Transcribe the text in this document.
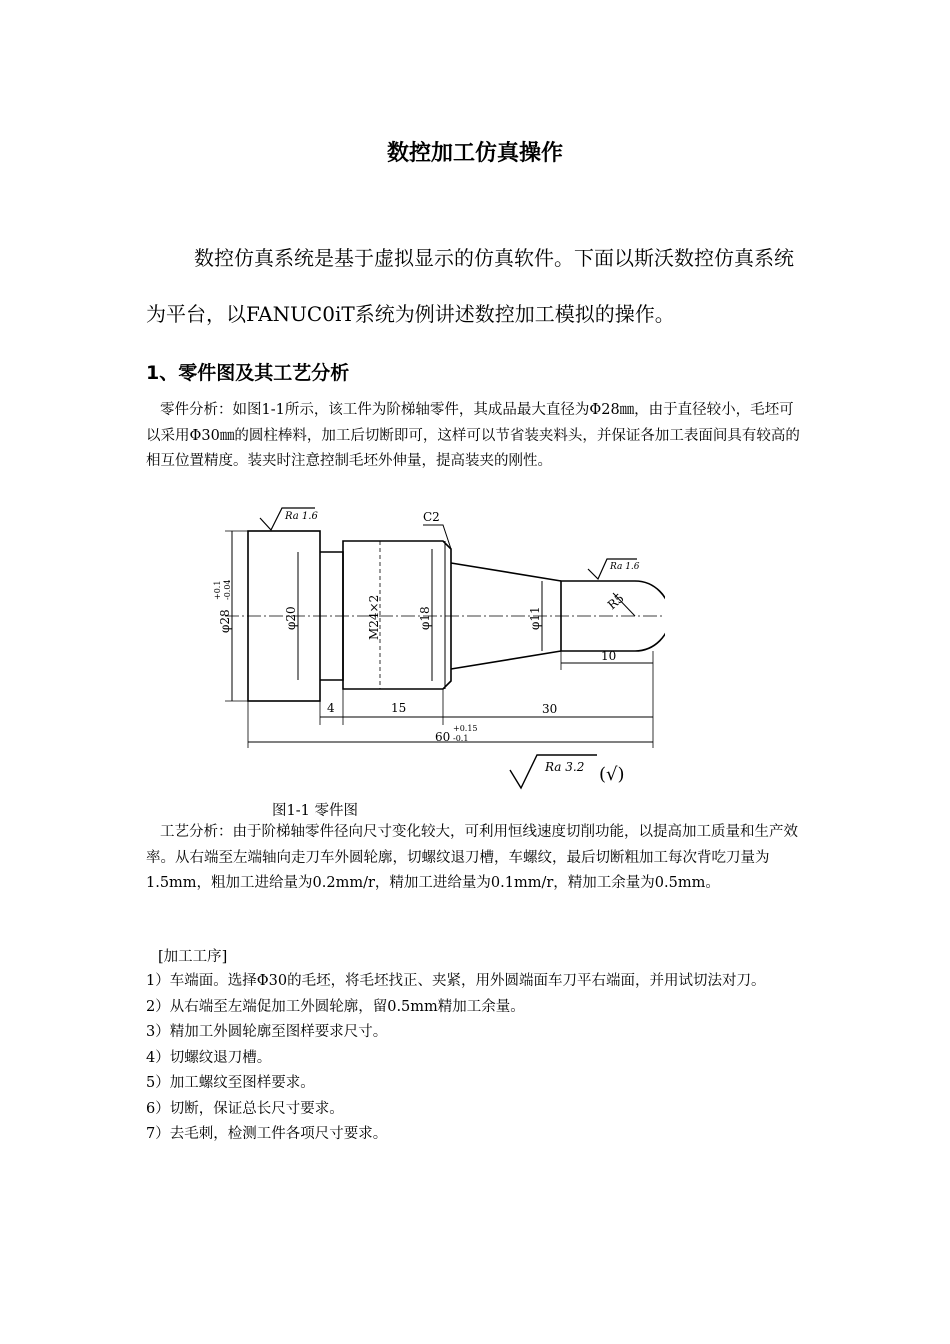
数控加工仿真操作
数控仿真系统是基于虚拟显示的仿真软件。下面以斯沃数控仿真系统为平台，以FANUC0iT系统为例讲述数控加工模拟的操作。
1、零件图及其工艺分析
零件分析：如图1-1所示，该工件为阶梯轴零件，其成品最大直径为Φ28㎜，由于直径较小，毛坯可以采用Φ30㎜的圆柱棒料，加工后切断即可，这样可以节省装夹料头，并保证各加工表面间具有较高的相互位置精度。装夹时注意控制毛坯外伸量，提高装夹的刚性。
Ra 1.6	C2
Ra 1.6
φ28
+0.1 -0.04
φ20	M24×2	φ18	φ11
R5
10
4	15	30
60
+0.15
-0.1
Ra 3.2 (√)
图1-1 零件图
工艺分析：由于阶梯轴零件径向尺寸变化较大，可利用恒线速度切削功能，以提高加工质量和生产效率。从右端至左端轴向走刀车外圆轮廓，切螺纹退刀槽，车螺纹，最后切断粗加工每次背吃刀量为1.5mm，粗加工进给量为0.2mm/r，精加工进给量为0.1mm/r，精加工余量为0.5mm。
[加工工序]
1）车端面。选择Φ30的毛坯，将毛坯找正、夹紧，用外圆端面车刀平右端面，并用试切法对刀。
2）从右端至左端促加工外圆轮廓，留0.5mm精加工余量。
3）精加工外圆轮廓至图样要求尺寸。
4）切螺纹退刀槽。
5）加工螺纹至图样要求。
6）切断，保证总长尺寸要求。
7）去毛刺，检测工件各项尺寸要求。
